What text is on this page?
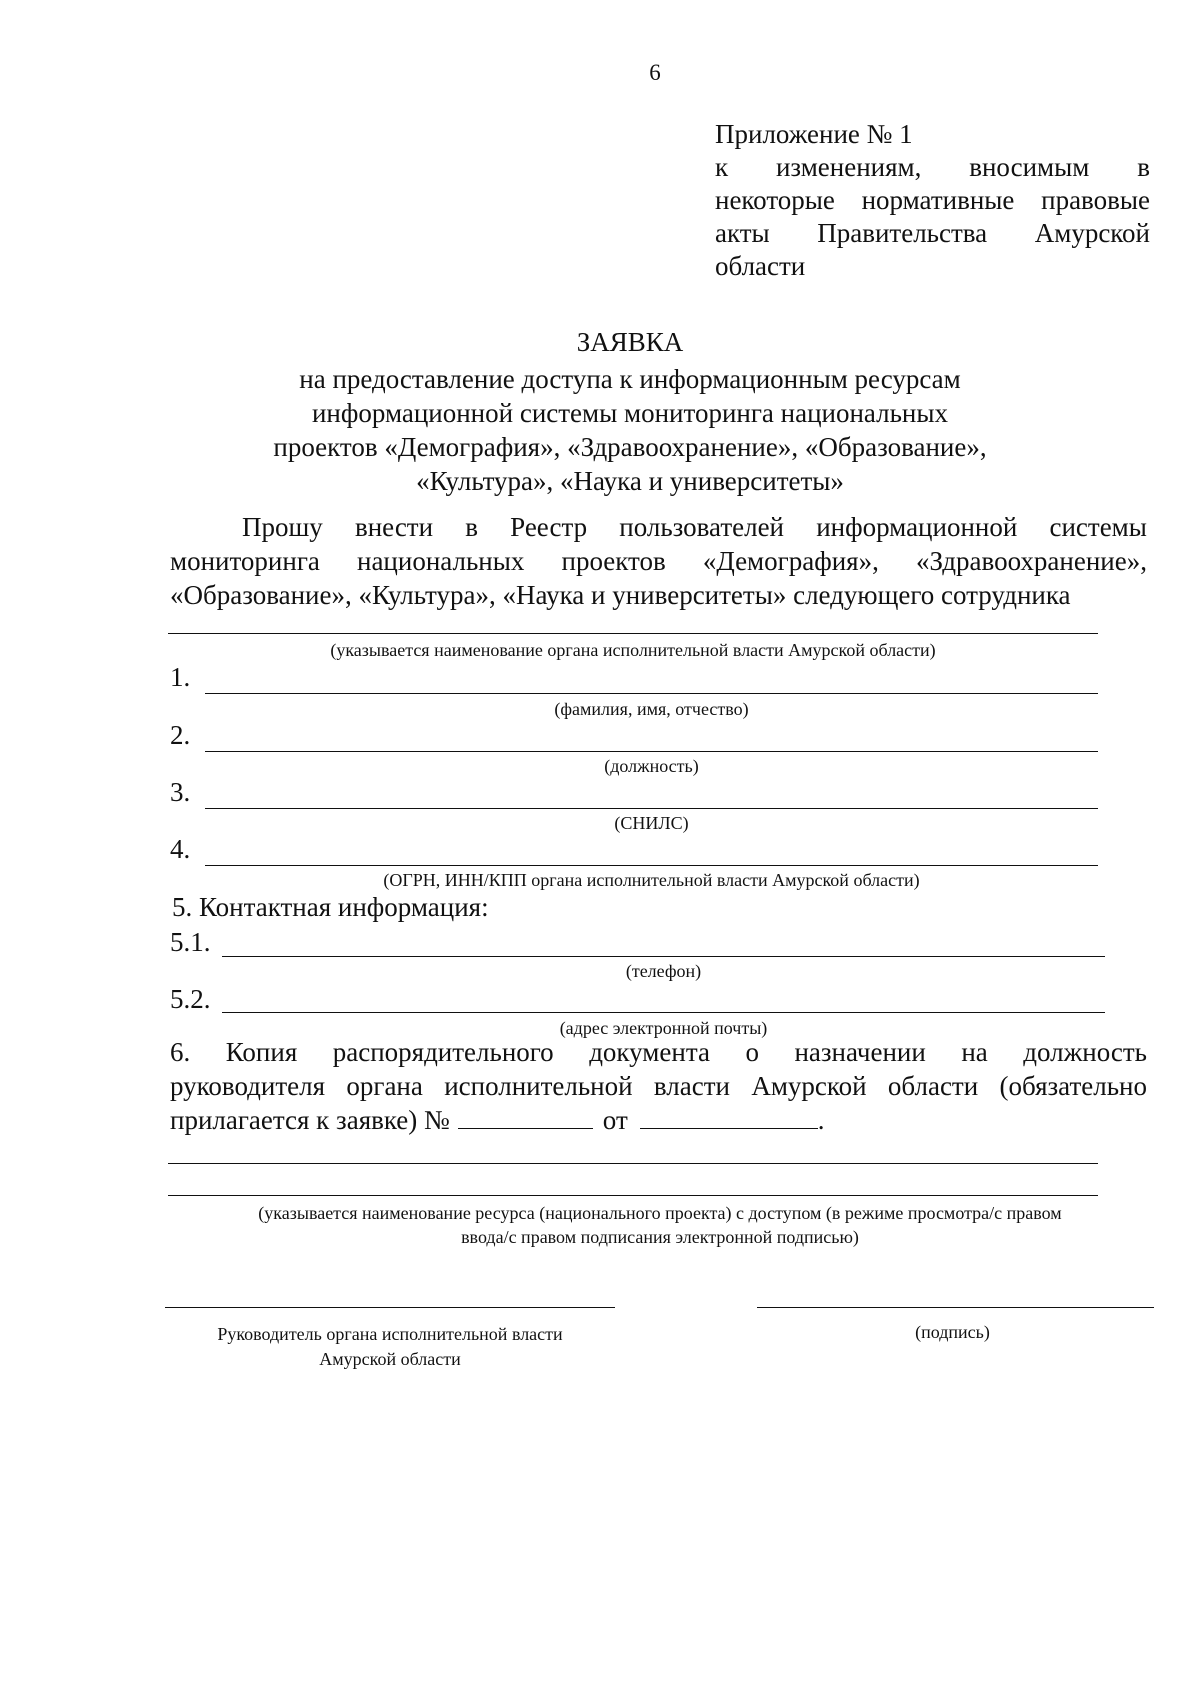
6
Приложение № 1
к изменениям, вносимым в
некоторые нормативные правовые
акты Правительства Амурской
области
ЗАЯВКА
на предоставление доступа к информационным ресурсам
информационной системы мониторинга национальных
проектов «Демография», «Здравоохранение», «Образование»,
«Культура», «Наука и университеты»
Прошу внести в Реестр пользователей информационной системы
мониторинга национальных проектов «Демография», «Здравоохранение»,
«Образование», «Культура», «Наука и университеты» следующего сотрудника
(указывается наименование органа исполнительной власти Амурской области)
1.
(фамилия, имя, отчество)
2.
(должность)
3.
(СНИЛС)
4.
(ОГРН, ИНН/КПП органа исполнительной власти Амурской области)
5. Контактная информация:
5.1.
(телефон)
5.2.
(адрес электронной почты)
6. Копия распорядительного документа о назначении на должность
руководителя органа исполнительной власти Амурской области (обязательно
прилагается к заявке) №	от	.
(указывается наименование ресурса (национального проекта) с доступом (в режиме просмотра/с правом
ввода/с правом подписания электронной подписью)
Руководитель органа исполнительной власти
Амурской области
(подпись)
